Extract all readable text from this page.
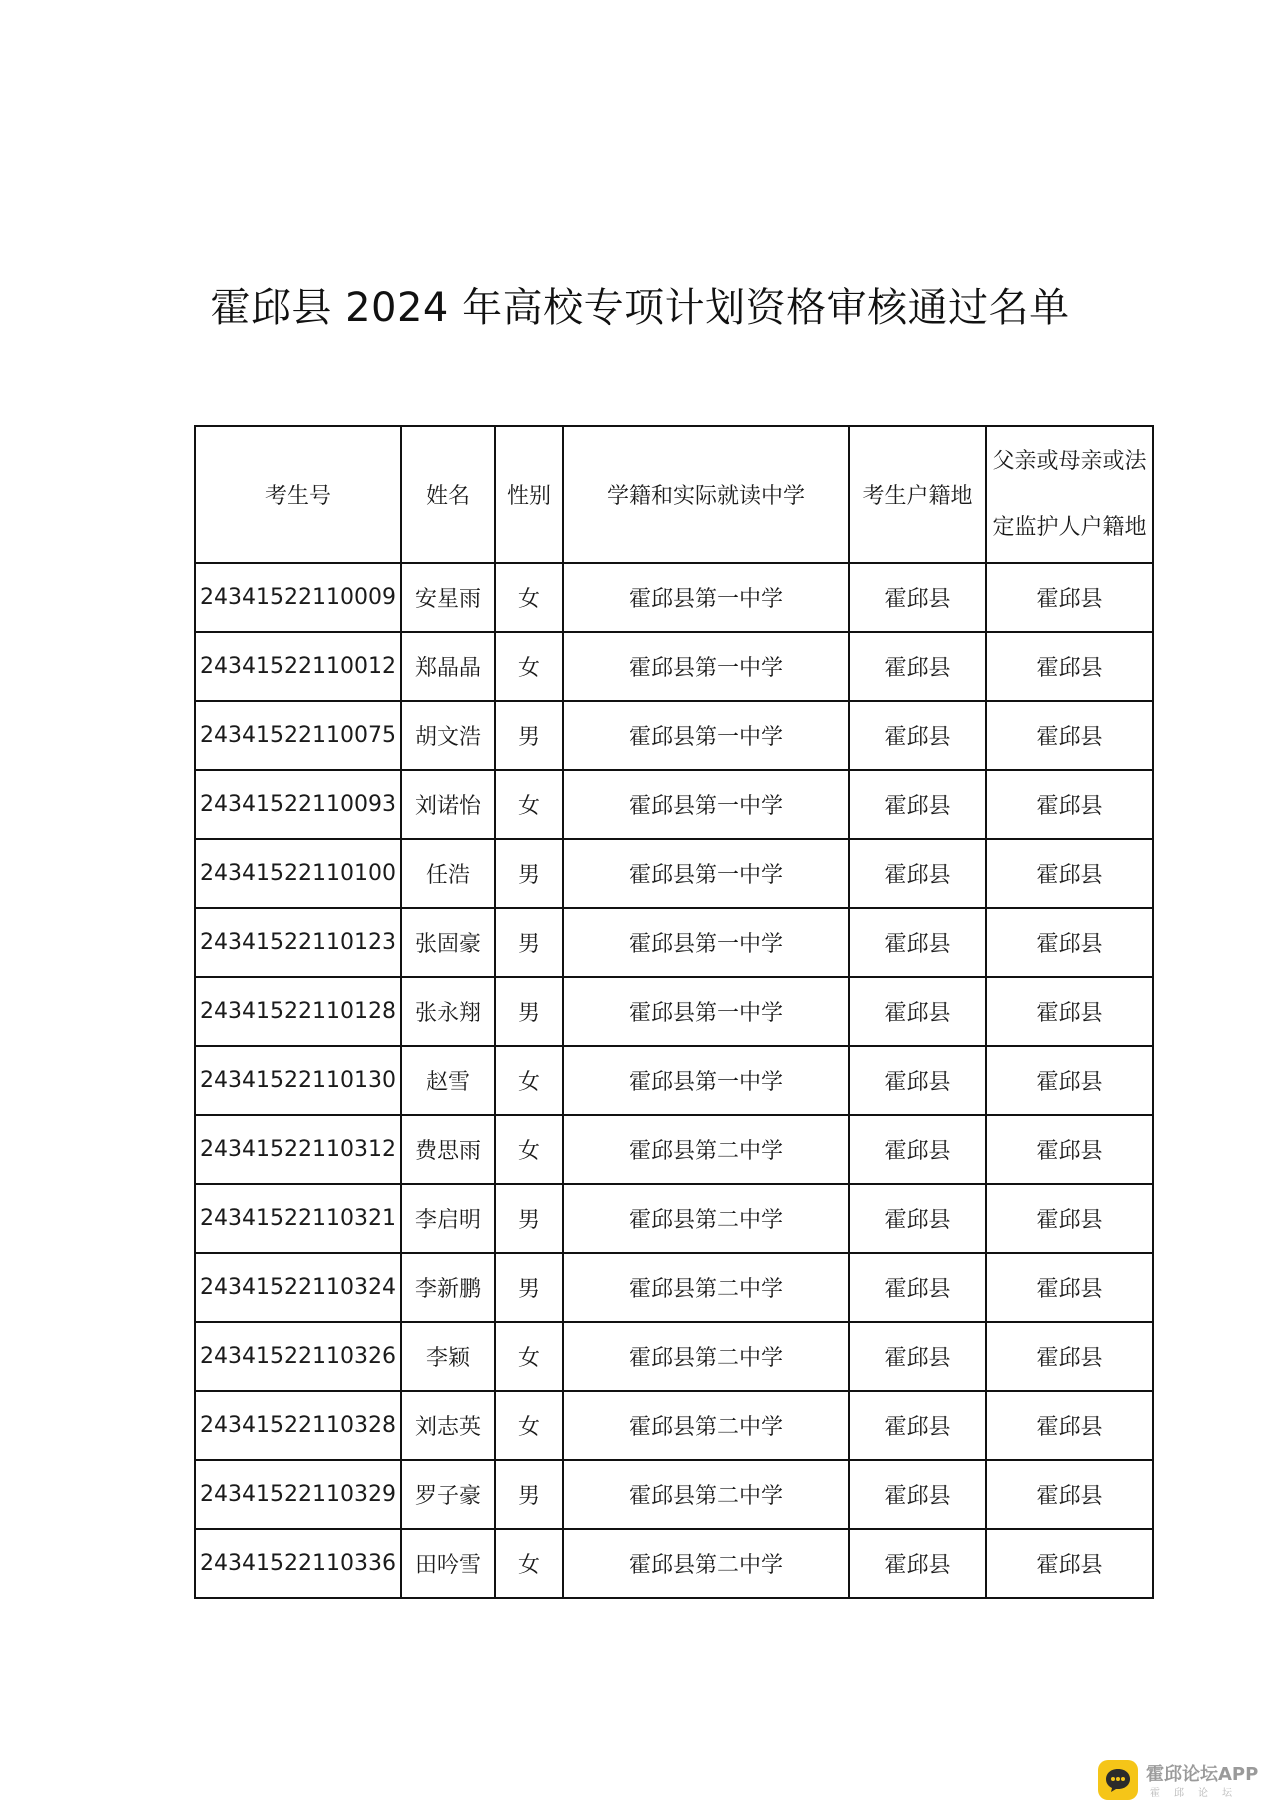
霍邱县 2024 年高校专项计划资格审核通过名单
考生号	姓名	性别	学籍和实际就读中学	考生户籍地	父亲或母亲或法
定监护人户籍地

24341522110009	安星雨	女	霍邱县第一中学	霍邱县	霍邱县
24341522110012	郑晶晶	女	霍邱县第一中学	霍邱县	霍邱县
24341522110075	胡文浩	男	霍邱县第一中学	霍邱县	霍邱县
24341522110093	刘诺怡	女	霍邱县第一中学	霍邱县	霍邱县
24341522110100	任浩	男	霍邱县第一中学	霍邱县	霍邱县
24341522110123	张固豪	男	霍邱县第一中学	霍邱县	霍邱县
24341522110128	张永翔	男	霍邱县第一中学	霍邱县	霍邱县
24341522110130	赵雪	女	霍邱县第一中学	霍邱县	霍邱县
24341522110312	费思雨	女	霍邱县第二中学	霍邱县	霍邱县
24341522110321	李启明	男	霍邱县第二中学	霍邱县	霍邱县
24341522110324	李新鹏	男	霍邱县第二中学	霍邱县	霍邱县
24341522110326	李颖	女	霍邱县第二中学	霍邱县	霍邱县
24341522110328	刘志英	女	霍邱县第二中学	霍邱县	霍邱县
24341522110329	罗子豪	男	霍邱县第二中学	霍邱县	霍邱县
24341522110336	田吟雪	女	霍邱县第二中学	霍邱县	霍邱县
霍邱论坛APP
霍邱论坛
